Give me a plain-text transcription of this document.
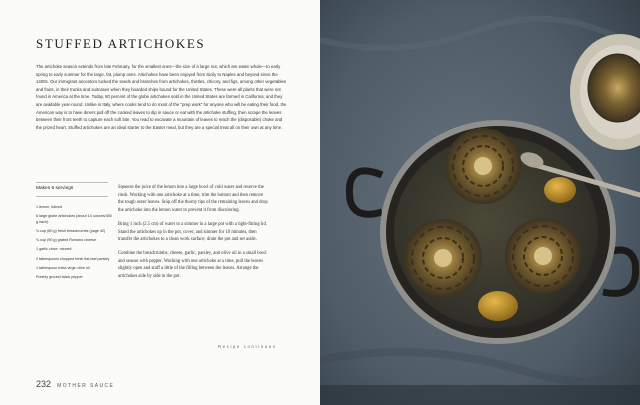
STUFFED ARTICHOKES

The artichoke season extends from late February, for the smallest ones—the size of a large nut, which are eaten whole—to early spring to early summer for the large, fat, plump ones. Artichokes have been enjoyed from Sicily to Naples and beyond since the 1400s. Our immigrant ancestors tucked the seeds and branches from artichokes, thistles, chicory, and figs, among other vegetables and fruits, in their trunks and suitcases when they boarded ships bound for the United States. These were all plants that were not found in America at the time. Today, 80 percent of the globe artichokes sold in the United States are farmed in California, and they are available year-round. Unlike in Italy, where cooks tend to do most of the "prep work" for anyone who will be eating their food, the American way is to have diners pull off the cooked leaves to dip in sauce or eat with the artichoke stuffing, then scrape the leaves between their front teeth to capture each soft bite. You read to excavate a mountain of leaves to reach the (disposable) choke and the prized heart. Stuffed artichokes are an ideal starter to the Easter meal, but they are a special treat all on their own at any time.

Makes 6 servings
1 lemon, halved
6 large globe artichokes (about 14 ounces/400 g each)
¾ cup (80 g) fresh breadcrumbs (page 42)
¾ cup (90 g) grated Romano cheese
1 garlic clove, minced
2 tablespoons chopped fresh flat-leaf parsley
1 tablespoon extra-virgin olive oil
Freshly ground black pepper

Squeeze the juice of the lemon into a large bowl of cold water and reserve the rinds. Working with one artichoke at a time, trim the bottom and then remove the tough outer leaves. Snip off the thorny tips of the remaining leaves and drop the artichoke into the lemon water to prevent it from discoloring.

Bring 1 inch (2.5 cm) of water to a simmer in a large pot with a tight-fitting lid. Stand the artichokes up in the pot, cover, and simmer for 10 minutes, then transfer the artichokes to a clean work surface; drain the pot and set aside.

Combine the breadcrumbs, cheese, garlic, parsley, and olive oil in a small bowl and season with pepper. Working with one artichoke at a time, pull the leaves slightly open and stuff a little of the filling between the leaves. Arrange the artichokes side by side in the pot.

Recipe continues
232 MOTHER SAUCE
